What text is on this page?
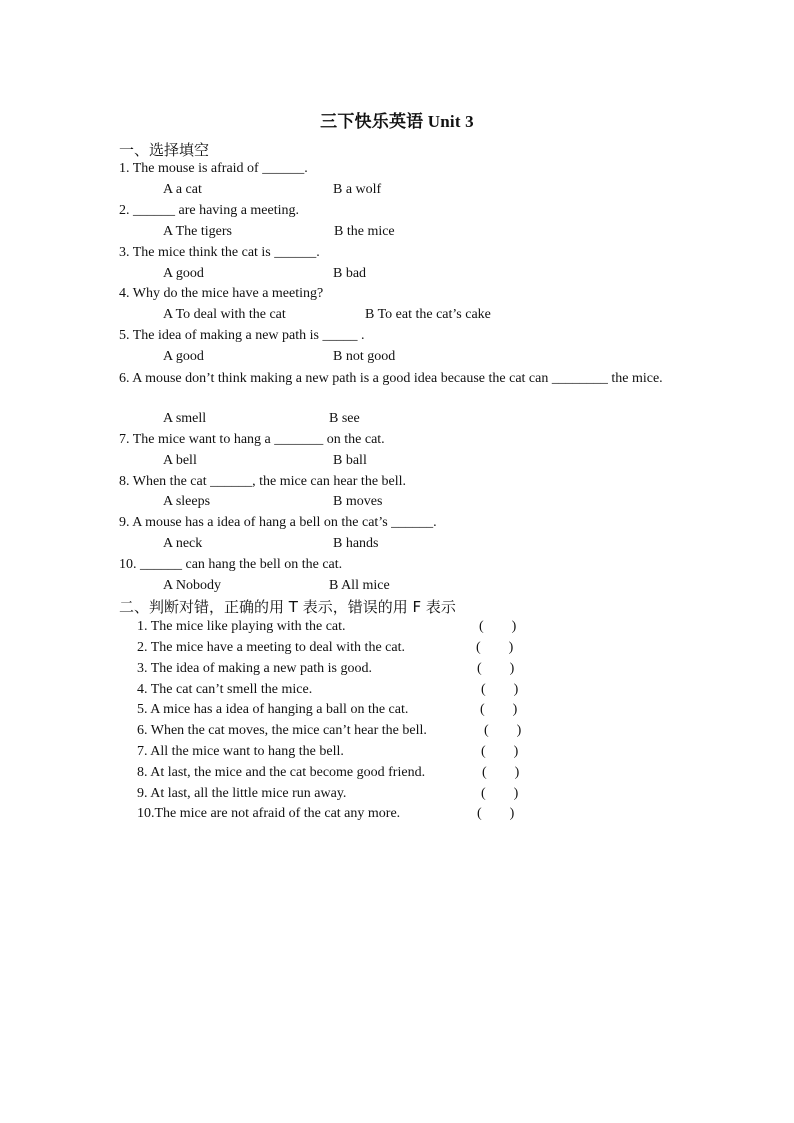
三下快乐英语 Unit 3
一、选择填空
1. The mouse is afraid of ______.
A a cat	B a wolf
2. ______ are having a meeting.
A The tigers	B the mice
3. The mice think the cat is ______.
A good	B bad
4. Why do the mice have a meeting?
A To deal with the cat	B To eat the cat’s cake
5. The idea of making a new path is _____ .
A good	B not good
6. A mouse don’t think making a new path is a good idea because the cat can ________ the mice.
A smell	B see
7. The mice want to hang a _______ on the cat.
A bell	B ball
8. When the cat ______, the mice can hear the bell.
A sleeps	B moves
9. A mouse has a idea of hang a bell on the cat’s ______.
A neck	B hands
10. ______ can hang the bell on the cat.
A Nobody	B All mice
二、判断对错，正确的用 T 表示，错误的用 F 表示
1. The mice like playing with the cat.	(        )
2. The mice have a meeting to deal with the cat.	(        )
3. The idea of making a new path is good.	(        )
4. The cat can’t smell the mice.	(        )
5. A mice has a idea of hanging a ball on the cat.	(        )
6. When the cat moves, the mice can’t hear the bell.	(        )
7. All the mice want to hang the bell.	(        )
8. At last, the mice and the cat become good friend.	(        )
9. At last, all the little mice run away.	(        )
10.The mice are not afraid of the cat any more.	(        )
